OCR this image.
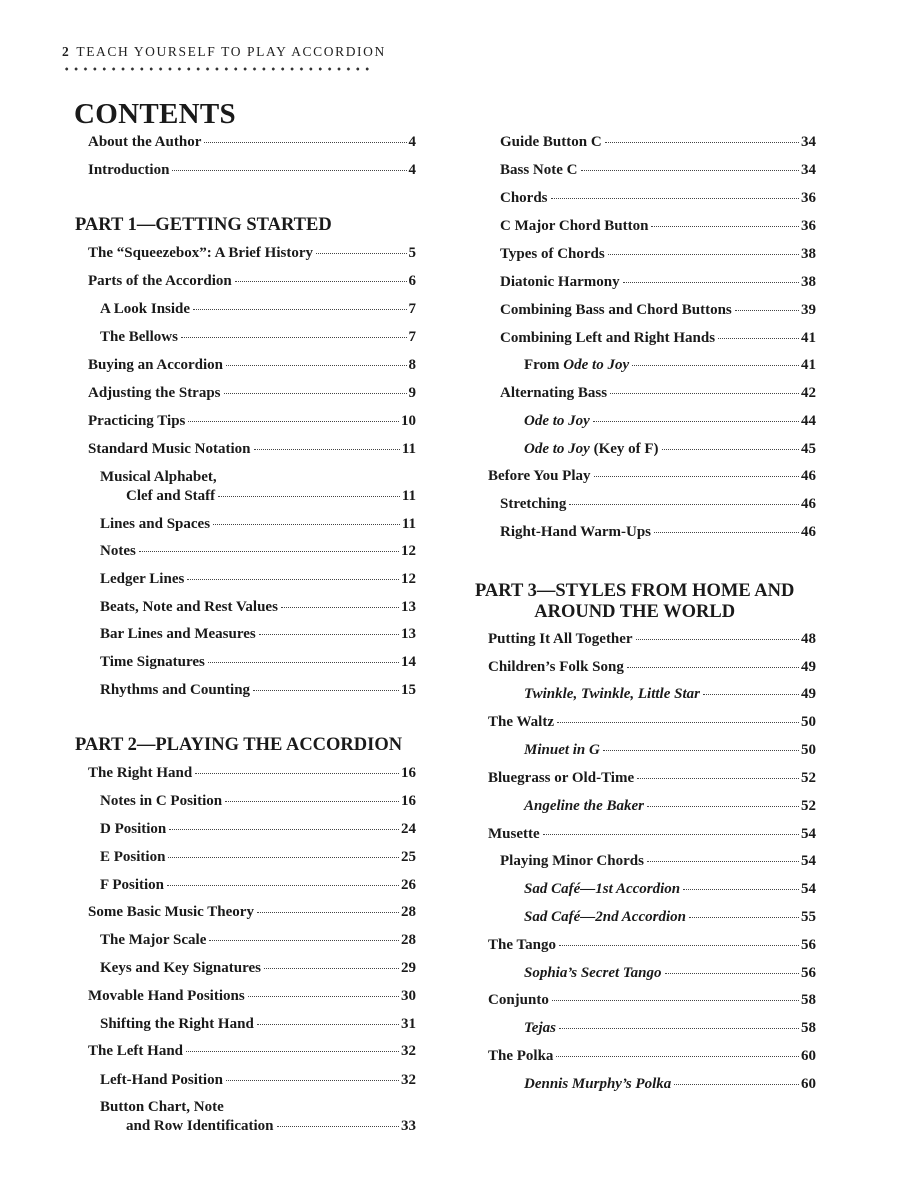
2 TEACH YOURSELF TO PLAY ACCORDION
CONTENTS
About the Author	4
Introduction	4
PART 1—GETTING STARTED
The “Squeezebox”: A Brief History	5
Parts of the Accordion	6
A Look Inside	7
The Bellows	7
Buying an Accordion	8
Adjusting the Straps	9
Practicing Tips	10
Standard Music Notation	11
Musical Alphabet,
Clef and Staff	11
Lines and Spaces	11
Notes	12
Ledger Lines	12
Beats, Note and Rest Values	13
Bar Lines and Measures	13
Time Signatures	14
Rhythms and Counting	15
PART 2—PLAYING THE ACCORDION
The Right Hand	16
Notes in C Position	16
D Position	24
E Position	25
F Position	26
Some Basic Music Theory	28
The Major Scale	28
Keys and Key Signatures	29
Movable Hand Positions	30
Shifting the Right Hand	31
The Left Hand	32
Left-Hand Position	32
Button Chart, Note
and Row Identification	33
Guide Button C	34
Bass Note C	34
Chords	36
C Major Chord Button	36
Types of Chords	38
Diatonic Harmony	38
Combining Bass and Chord Buttons	39
Combining Left and Right Hands	41
From Ode to Joy	41
Alternating Bass	42
Ode to Joy	44
Ode to Joy (Key of F)	45
Before You Play	46
Stretching	46
Right-Hand Warm-Ups	46
PART 3—STYLES FROM HOME AND
AROUND THE WORLD
Putting It All Together	48
Children’s Folk Song	49
Twinkle, Twinkle, Little Star	49
The Waltz	50
Minuet in G	50
Bluegrass or Old-Time	52
Angeline the Baker	52
Musette	54
Playing Minor Chords	54
Sad Café—1st Accordion	54
Sad Café—2nd Accordion	55
The Tango	56
Sophia’s Secret Tango	56
Conjunto	58
Tejas	58
The Polka	60
Dennis Murphy’s Polka	60
